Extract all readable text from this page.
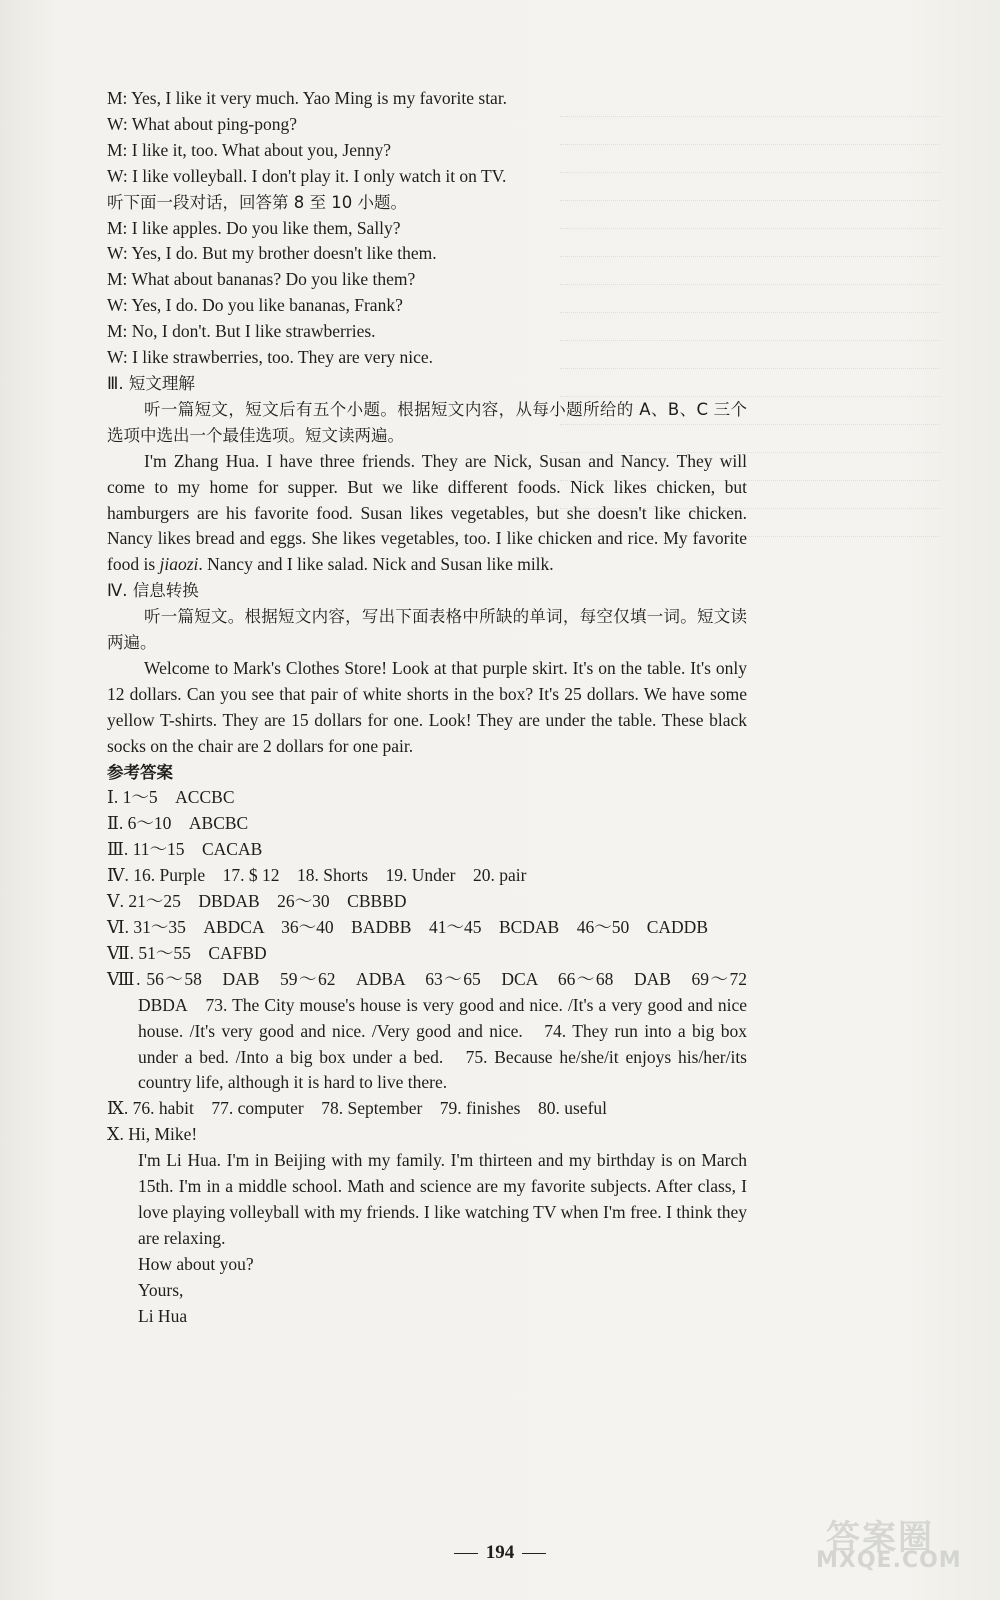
M: Yes, I like it very much. Yao Ming is my favorite star.
W: What about ping-pong?
M: I like it, too. What about you, Jenny?
W: I like volleyball. I don't play it. I only watch it on TV.
听下面一段对话，回答第 8 至 10 小题。
M: I like apples. Do you like them, Sally?
W: Yes, I do. But my brother doesn't like them.
M: What about bananas? Do you like them?
W: Yes, I do. Do you like bananas, Frank?
M: No, I don't. But I like strawberries.
W: I like strawberries, too. They are very nice.
Ⅲ. 短文理解
听一篇短文，短文后有五个小题。根据短文内容，从每小题所给的 A、B、C 三个选项中选出一个最佳选项。短文读两遍。
I'm Zhang Hua. I have three friends. They are Nick, Susan and Nancy. They will come to my home for supper. But we like different foods. Nick likes chicken, but hamburgers are his favorite food. Susan likes vegetables, but she doesn't like chicken. Nancy likes bread and eggs. She likes vegetables, too. I like chicken and rice. My favorite food is jiaozi. Nancy and I like salad. Nick and Susan like milk.
Ⅳ. 信息转换
听一篇短文。根据短文内容，写出下面表格中所缺的单词，每空仅填一词。短文读两遍。
Welcome to Mark's Clothes Store! Look at that purple skirt. It's on the table. It's only 12 dollars. Can you see that pair of white shorts in the box? It's 25 dollars. We have some yellow T-shirts. They are 15 dollars for one. Look! They are under the table. These black socks on the chair are 2 dollars for one pair.
参考答案
Ⅰ. 1～5　ACCBC
Ⅱ. 6～10　ABCBC
Ⅲ. 11～15　CACAB
Ⅳ. 16. Purple　17. $ 12　18. Shorts　19. Under　20. pair
Ⅴ. 21～25　DBDAB　26～30　CBBBD
Ⅵ. 31～35　ABDCA　36～40　BADBB　41～45　BCDAB　46～50　CADDB
Ⅶ. 51～55　CAFBD
Ⅷ. 56～58　DAB　59～62　ADBA　63～65　DCA　66～68　DAB　69～72　DBDA　73. The City mouse's house is very good and nice. /It's a very good and nice house. /It's very good and nice. /Very good and nice.　74. They run into a big box under a bed. /Into a big box under a bed.　75. Because he/she/it enjoys his/her/its country life, although it is hard to live there.
Ⅸ. 76. habit　77. computer　78. September　79. finishes　80. useful
Ⅹ. Hi, Mike!
I'm Li Hua. I'm in Beijing with my family. I'm thirteen and my birthday is on March 15th. I'm in a middle school. Math and science are my favorite subjects. After class, I love playing volleyball with my friends. I like watching TV when I'm free. I think they are relaxing.
How about you?
Yours,
Li Hua
194	答案圈
MXQE.COM
